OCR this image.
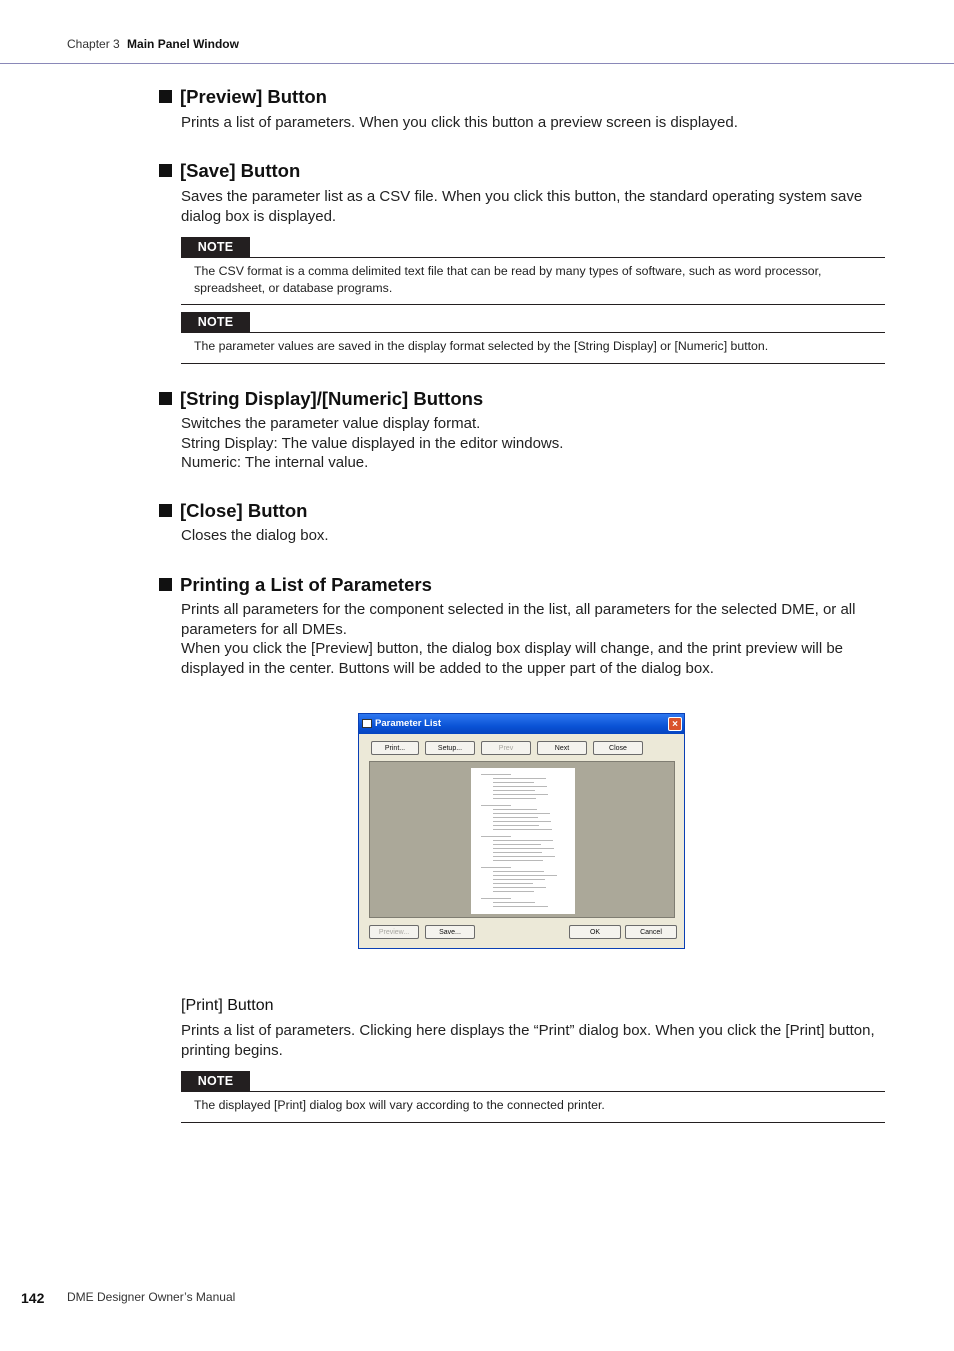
Chapter 3 Main Panel Window
[Preview] Button

Prints a list of parameters. When you click this button a preview screen is displayed.

[Save] Button

Saves the parameter list as a CSV file. When you click this button, the standard operating system save dialog box is displayed.

NOTE
The CSV format is a comma delimited text file that can be read by many types of software, such as word processor, spreadsheet, or database programs.
NOTE
The parameter values are saved in the display format selected by the [String Display] or [Numeric] button.
[String Display]/[Numeric] Buttons

Switches the parameter value display format.

String Display: The value displayed in the editor windows.

Numeric: The internal value.

[Close] Button

Closes the dialog box.

Printing a List of Parameters

Prints all parameters for the component selected in the list, all parameters for the selected DME, or all parameters for all DMEs.

When you click the [Preview] button, the dialog box display will change, and the print preview will be displayed in the center. Buttons will be added to the upper part of the dialog box.

Parameter List	×
Print...	Setup...	Prev	Next	Close
Preview...	Save...	OK	Cancel
[Print] Button

Prints a list of parameters. Clicking here displays the “Print” dialog box. When you click the [Print] button, printing begins.

NOTE
The displayed [Print] dialog box will vary according to the connected printer.
142 DME Designer Owner’s Manual
